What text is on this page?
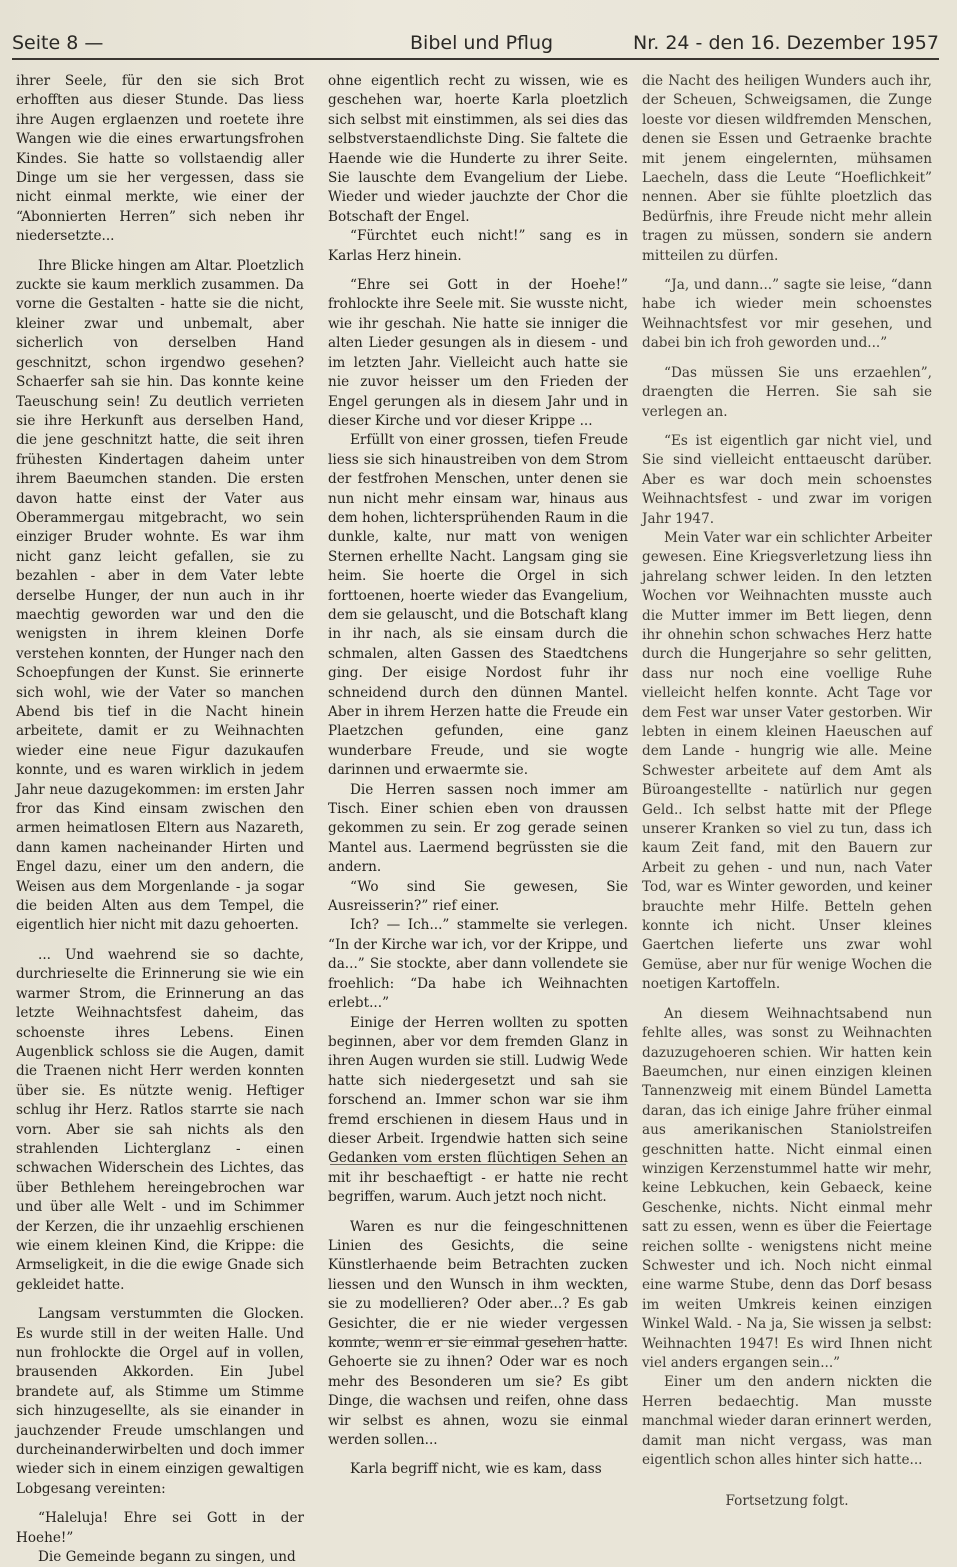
Seite 8 —	Bibel und Pflug	Nr. 24 - den 16. Dezember 1957

ihrer Seele, für den sie sich Brot erhofften aus dieser Stunde. Das liess ihre Augen erglaenzen und roetete ihre Wangen wie die eines erwartungsfrohen Kindes. Sie hatte so vollstaendig aller Dinge um sie her vergessen, dass sie nicht einmal merkte, wie einer der “Abonnierten Herren” sich neben ihr niedersetzte...

Ihre Blicke hingen am Altar. Ploetzlich zuckte sie kaum merklich zusammen. Da vorne die Gestalten - hatte sie die nicht, kleiner zwar und unbemalt, aber sicherlich von derselben Hand geschnitzt, schon irgendwo gesehen? Schaerfer sah sie hin. Das konnte keine Taeuschung sein! Zu deutlich verrieten sie ihre Herkunft aus derselben Hand, die jene geschnitzt hatte, die seit ihren frühesten Kindertagen daheim unter ihrem Baeumchen standen. Die ersten davon hatte einst der Vater aus Oberammergau mitgebracht, wo sein einziger Bruder wohnte. Es war ihm nicht ganz leicht gefallen, sie zu bezahlen - aber in dem Vater lebte derselbe Hunger, der nun auch in ihr maechtig geworden war und den die wenigsten in ihrem kleinen Dorfe verstehen konnten, der Hunger nach den Schoepfungen der Kunst. Sie erinnerte sich wohl, wie der Vater so manchen Abend bis tief in die Nacht hinein arbeitete, damit er zu Weihnachten wieder eine neue Figur dazukaufen konnte, und es waren wirklich in jedem Jahr neue dazugekommen: im ersten Jahr fror das Kind einsam zwischen den armen heimatlosen Eltern aus Nazareth, dann kamen nacheinander Hirten und Engel dazu, einer um den andern, die Weisen aus dem Morgenlande - ja sogar die beiden Alten aus dem Tempel, die eigentlich hier nicht mit dazu gehoerten.

... Und waehrend sie so dachte, durchrieselte die Erinnerung sie wie ein warmer Strom, die Erinnerung an das letzte Weihnachtsfest daheim, das schoenste ihres Lebens. Einen Augenblick schloss sie die Augen, damit die Traenen nicht Herr werden konnten über sie. Es nützte wenig. Heftiger schlug ihr Herz. Ratlos starrte sie nach vorn. Aber sie sah nichts als den strahlenden Lichterglanz - einen schwachen Widerschein des Lichtes, das über Bethlehem hereingebrochen war und über alle Welt - und im Schimmer der Kerzen, die ihr unzaehlig erschienen wie einem kleinen Kind, die Krippe: die Armseligkeit, in die die ewige Gnade sich gekleidet hatte.

Langsam verstummten die Glocken. Es wurde still in der weiten Halle. Und nun frohlockte die Orgel auf in vollen, brausenden Akkorden. Ein Jubel brandete auf, als Stimme um Stimme sich hinzugesellte, als sie einander in jauchzender Freude umschlangen und durcheinanderwirbelten und doch immer wieder sich in einem einzigen gewaltigen Lobgesang vereinten:

“Haleluja! Ehre sei Gott in der Hoehe!”

Die Gemeinde begann zu singen, und

ohne eigentlich recht zu wissen, wie es geschehen war, hoerte Karla ploetzlich sich selbst mit einstimmen, als sei dies das selbstverstaendlichste Ding. Sie faltete die Haende wie die Hunderte zu ihrer Seite. Sie lauschte dem Evangelium der Liebe. Wieder und wieder jauchzte der Chor die Botschaft der Engel.

“Fürchtet euch nicht!” sang es in Karlas Herz hinein.

“Ehre sei Gott in der Hoehe!” frohlockte ihre Seele mit. Sie wusste nicht, wie ihr geschah. Nie hatte sie inniger die alten Lieder gesungen als in diesem - und im letzten Jahr. Vielleicht auch hatte sie nie zuvor heisser um den Frieden der Engel gerungen als in diesem Jahr und in dieser Kirche und vor dieser Krippe ...

Erfüllt von einer grossen, tiefen Freude liess sie sich hinaustreiben von dem Strom der festfrohen Menschen, unter denen sie nun nicht mehr einsam war, hinaus aus dem hohen, lichtersprühenden Raum in die dunkle, kalte, nur matt von wenigen Sternen erhellte Nacht. Langsam ging sie heim. Sie hoerte die Orgel in sich forttoenen, hoerte wieder das Evangelium, dem sie gelauscht, und die Botschaft klang in ihr nach, als sie einsam durch die schmalen, alten Gassen des Staedtchens ging. Der eisige Nordost fuhr ihr schneidend durch den dünnen Mantel. Aber in ihrem Herzen hatte die Freude ein Plaetzchen gefunden, eine ganz wunderbare Freude, und sie wogte darinnen und erwaermte sie.

Die Herren sassen noch immer am Tisch. Einer schien eben von draussen gekommen zu sein. Er zog gerade seinen Mantel aus. Laermend begrüssten sie die andern.

“Wo sind Sie gewesen, Sie Ausreisserin?” rief einer.

Ich? — Ich...” stammelte sie verlegen. “In der Kirche war ich, vor der Krippe, und da...” Sie stockte, aber dann vollendete sie froehlich: “Da habe ich Weihnachten erlebt...”

Einige der Herren wollten zu spotten beginnen, aber vor dem fremden Glanz in ihren Augen wurden sie still. Ludwig Wede hatte sich niedergesetzt und sah sie forschend an. Immer schon war sie ihm fremd erschienen in diesem Haus und in dieser Arbeit. Irgendwie hatten sich seine Gedanken vom ersten flüchtigen Sehen an mit ihr beschaeftigt - er hatte nie recht begriffen, warum. Auch jetzt noch nicht.

Waren es nur die feingeschnittenen Linien des Gesichts, die seine Künstlerhaende beim Betrachten zucken liessen und den Wunsch in ihm weckten, sie zu modellieren? Oder aber...? Es gab Gesichter, die er nie wieder vergessen konnte, wenn er sie einmal gesehen hatte. Gehoerte sie zu ihnen? Oder war es noch mehr des Besonderen um sie? Es gibt Dinge, die wachsen und reifen, ohne dass wir selbst es ahnen, wozu sie einmal werden sollen...

Karla begriff nicht, wie es kam, dass

die Nacht des heiligen Wunders auch ihr, der Scheuen, Schweigsamen, die Zunge loeste vor diesen wildfremden Menschen, denen sie Essen und Getraenke brachte mit jenem eingelernten, mühsamen Laecheln, dass die Leute “Hoeflichkeit” nennen. Aber sie fühlte ploetzlich das Bedürfnis, ihre Freude nicht mehr allein tragen zu müssen, sondern sie andern mitteilen zu dürfen.

“Ja, und dann...” sagte sie leise, “dann habe ich wieder mein schoenstes Weihnachtsfest vor mir gesehen, und dabei bin ich froh geworden und...”

“Das müssen Sie uns erzaehlen”, draengten die Herren. Sie sah sie verlegen an.

“Es ist eigentlich gar nicht viel, und Sie sind vielleicht enttaeuscht darüber. Aber es war doch mein schoenstes Weihnachtsfest - und zwar im vorigen Jahr 1947.

Mein Vater war ein schlichter Arbeiter gewesen. Eine Kriegsverletzung liess ihn jahrelang schwer leiden. In den letzten Wochen vor Weihnachten musste auch die Mutter immer im Bett liegen, denn ihr ohnehin schon schwaches Herz hatte durch die Hungerjahre so sehr gelitten, dass nur noch eine voellige Ruhe vielleicht helfen konnte. Acht Tage vor dem Fest war unser Vater gestorben. Wir lebten in einem kleinen Haeuschen auf dem Lande - hungrig wie alle. Meine Schwester arbeitete auf dem Amt als Büroangestellte - natürlich nur gegen Geld.. Ich selbst hatte mit der Pflege unserer Kranken so viel zu tun, dass ich kaum Zeit fand, mit den Bauern zur Arbeit zu gehen - und nun, nach Vater Tod, war es Winter geworden, und keiner brauchte mehr Hilfe. Betteln gehen konnte ich nicht. Unser kleines Gaertchen lieferte uns zwar wohl Gemüse, aber nur für wenige Wochen die noetigen Kartoffeln.

An diesem Weihnachtsabend nun fehlte alles, was sonst zu Weihnachten dazuzugehoeren schien. Wir hatten kein Baeumchen, nur einen einzigen kleinen Tannenzweig mit einem Bündel Lametta daran, das ich einige Jahre früher einmal aus amerikanischen Staniolstreifen geschnitten hatte. Nicht einmal einen winzigen Kerzenstummel hatte wir mehr, keine Lebkuchen, kein Gebaeck, keine Geschenke, nichts. Nicht einmal mehr satt zu essen, wenn es über die Feiertage reichen sollte - wenigstens nicht meine Schwester und ich. Noch nicht einmal eine warme Stube, denn das Dorf besass im weiten Umkreis keinen einzigen Winkel Wald. - Na ja, Sie wissen ja selbst: Weihnachten 1947! Es wird Ihnen nicht viel anders ergangen sein...”

Einer um den andern nickten die Herren bedaechtig. Man musste manchmal wieder daran erinnert werden, damit man nicht vergass, was man eigentlich schon alles hinter sich hatte...

Fortsetzung folgt.
